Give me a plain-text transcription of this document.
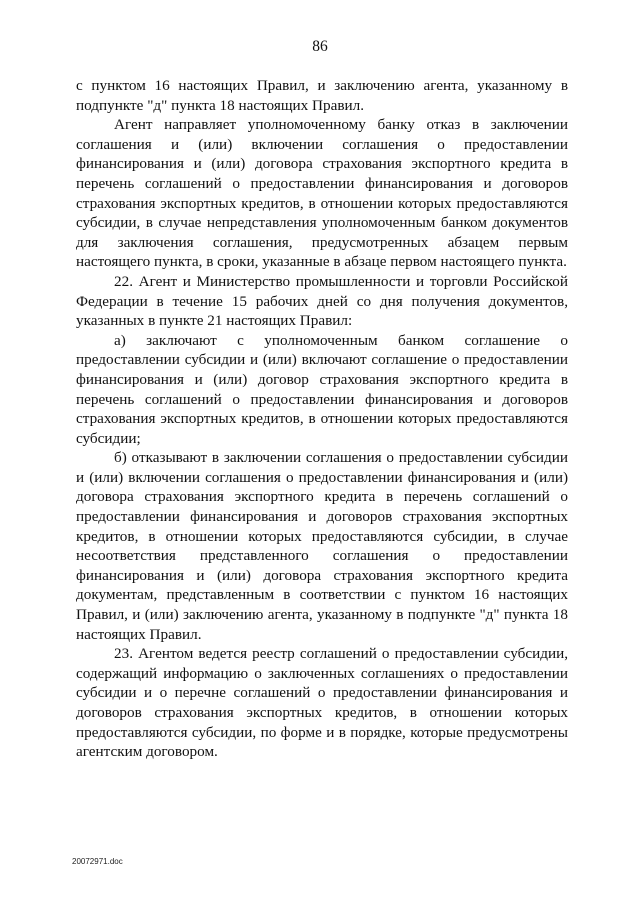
86

с пунктом 16 настоящих Правил, и заключению агента, указанному в подпункте "д" пункта 18 настоящих Правил.

Агент направляет уполномоченному банку отказ в заключении соглашения и (или) включении соглашения о предоставлении финансирования и (или) договора страхования экспортного кредита в перечень соглашений о предоставлении финансирования и договоров страхования экспортных кредитов, в отношении которых предоставляются субсидии, в случае непредставления уполномоченным банком документов для заключения соглашения, предусмотренных абзацем первым настоящего пункта, в сроки, указанные в абзаце первом настоящего пункта.

22. Агент и Министерство промышленности и торговли Российской Федерации в течение 15 рабочих дней со дня получения документов, указанных в пункте 21 настоящих Правил:

а) заключают с уполномоченным банком соглашение о предоставлении субсидии и (или) включают соглашение о предоставлении финансирования и (или) договор страхования экспортного кредита в перечень соглашений о предоставлении финансирования и договоров страхования экспортных кредитов, в отношении которых предоставляются субсидии;

б) отказывают в заключении соглашения о предоставлении субсидии и (или) включении соглашения о предоставлении финансирования и (или) договора страхования экспортного кредита в перечень соглашений о предоставлении финансирования и договоров страхования экспортных кредитов, в отношении которых предоставляются субсидии, в случае несоответствия представленного соглашения о предоставлении финансирования и (или) договора страхования экспортного кредита документам, представленным в соответствии с пунктом 16 настоящих Правил, и (или) заключению агента, указанному в подпункте "д" пункта 18 настоящих Правил.

23. Агентом ведется реестр соглашений о предоставлении субсидии, содержащий информацию о заключенных соглашениях о предоставлении субсидии и о перечне соглашений о предоставлении финансирования и договоров страхования экспортных кредитов, в отношении которых предоставляются субсидии, по форме и в порядке, которые предусмотрены агентским договором.

20072971.doc
